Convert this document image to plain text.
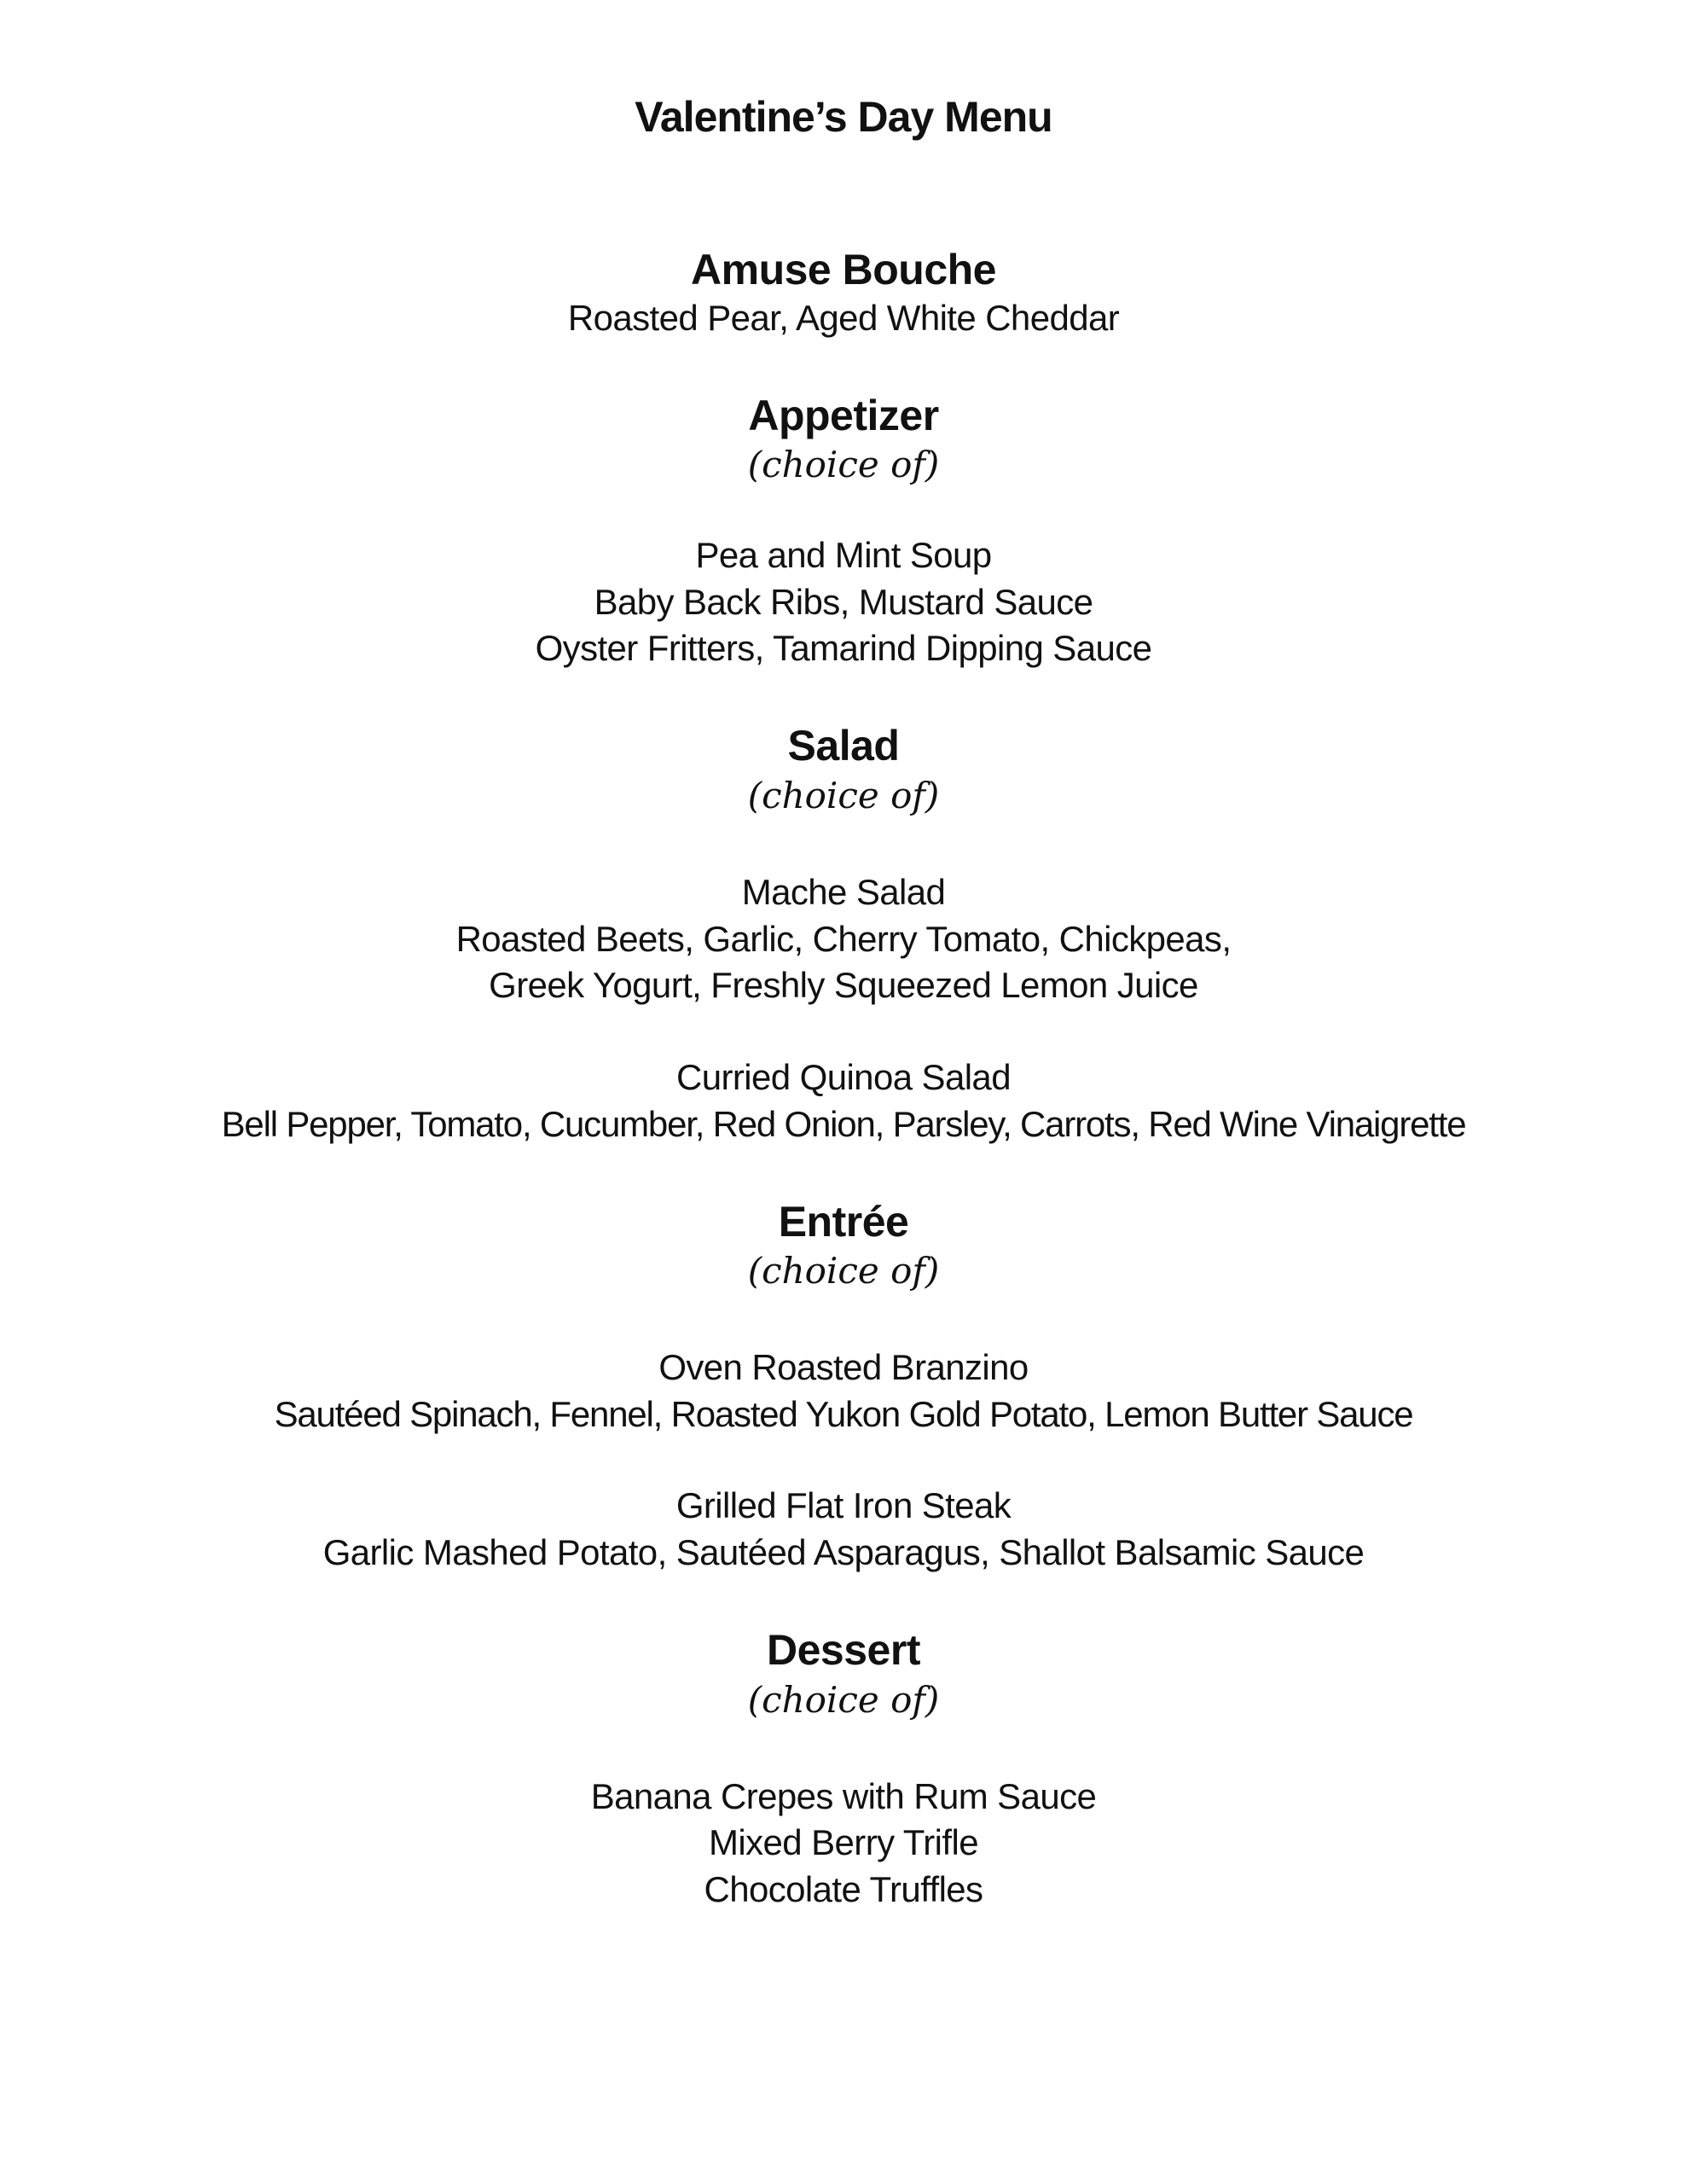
Valentine’s Day Menu
Amuse Bouche

Roasted Pear, Aged White Cheddar

Appetizer

(choice of)

Pea and Mint Soup

Baby Back Ribs, Mustard Sauce

Oyster Fritters, Tamarind Dipping Sauce

Salad

(choice of)

Mache Salad

Roasted Beets, Garlic, Cherry Tomato, Chickpeas,

Greek Yogurt, Freshly Squeezed Lemon Juice

Curried Quinoa Salad

Bell Pepper, Tomato, Cucumber, Red Onion, Parsley, Carrots, Red Wine Vinaigrette

Entrée

(choice of)

Oven Roasted Branzino

Sautéed Spinach, Fennel, Roasted Yukon Gold Potato, Lemon Butter Sauce

Grilled Flat Iron Steak

Garlic Mashed Potato, Sautéed Asparagus, Shallot Balsamic Sauce

Dessert

(choice of)

Banana Crepes with Rum Sauce

Mixed Berry Trifle

Chocolate Truffles
